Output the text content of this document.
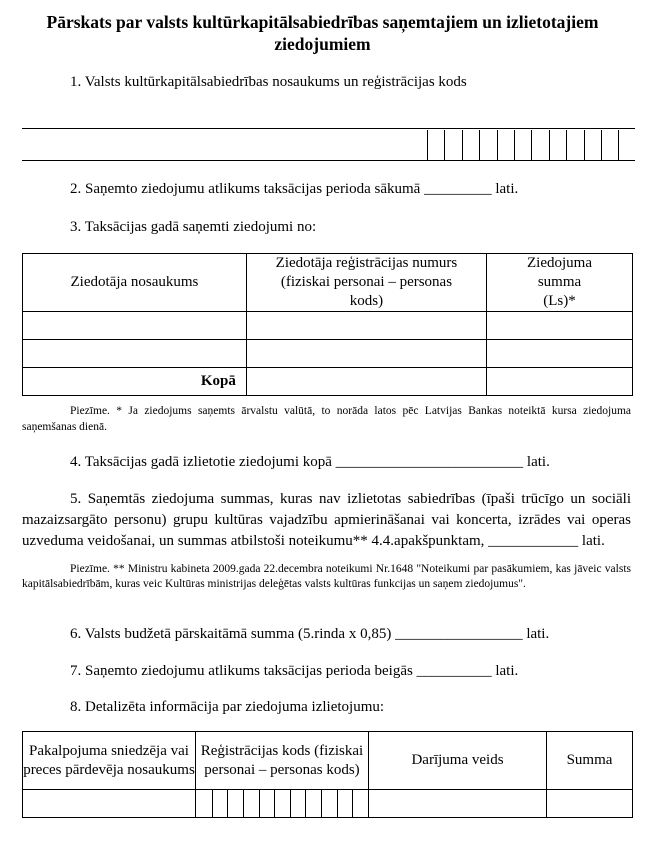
Pārskats par valsts kultūrkapitālsabiedrības saņemtajiem un izlietotajiem ziedojumiem
1. Valsts kultūrkapitālsabiedrības nosaukums un reģistrācijas kods
2. Saņemto ziedojumu atlikums taksācijas perioda sākumā _________ lati.
3. Taksācijas gadā saņemti ziedojumi no:
Ziedotāja nosaukums	Ziedotāja reģistrācijas numurs (fiziskai personai – personas kods)	Ziedojuma summa (Ls)*

Kopā		
Piezīme. * Ja ziedojums saņemts ārvalstu valūtā, to norāda latos pēc Latvijas Bankas noteiktā kursa ziedojuma saņemšanas dienā.
4. Taksācijas gadā izlietotie ziedojumi kopā _________________________ lati.
5. Saņemtās ziedojuma summas, kuras nav izlietotas sabiedrības (īpaši trūcīgo un sociāli mazaizsargāto personu) grupu kultūras vajadzību apmierināšanai vai koncerta, izrādes vai operas uzveduma veidošanai, un summas atbilstoši noteikumu** 4.4.apakšpunktam, ____________ lati.
Piezīme. ** Ministru kabineta 2009.gada 22.decembra noteikumi Nr.1648 "Noteikumi par pasākumiem, kas jāveic valsts kapitālsabiedrībām, kuras veic Kultūras ministrijas deleģētas valsts kultūras funkcijas un saņem ziedojumus".
6. Valsts budžetā pārskaitāmā summa (5.rinda x 0,85) _________________ lati.
7. Saņemto ziedojumu atlikums taksācijas perioda beigās __________ lati.
8. Detalizēta informācija par ziedojuma izlietojumu:
Pakalpojuma sniedzēja vai preces pārdevēja nosaukums	Reģistrācijas kods (fiziskai personai – personas kods)	Darījuma veids	Summa
